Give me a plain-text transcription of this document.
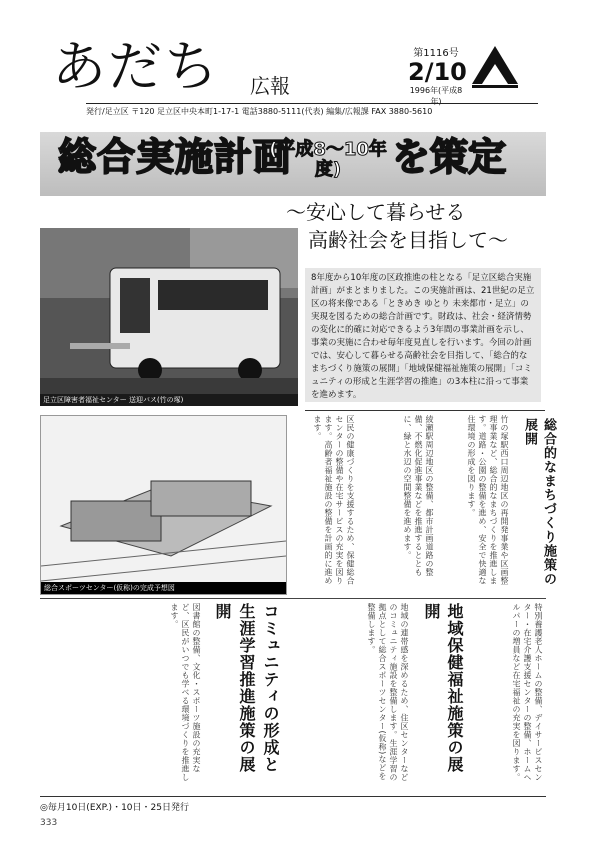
あだち 広報
第1116号
2/10
1996年(平成8年)
発行/足立区 〒120 足立区中央本町1-17-1 電話3880-5111(代表) 編集/広報課 FAX 3880-5610
総合実施計画
(平成8〜10年度)	を策定
〜安心して暮らせる
高齢社会を目指して〜
足立区障害者福祉センター 送迎バス(竹の塚)
8年度から10年度の区政推進の柱となる「足立区総合実施計画」がまとまりました。この実施計画は、21世紀の足立区の将来像である「ときめき ゆとり 未来都市・足立」の実現を図るための総合計画です。財政は、社会・経済情勢の変化に的確に対応できるよう3年間の事業計画を示し、事業の実施に合わせ毎年度見直しを行います。今回の計画では、安心して暮らせる高齢社会を目指して、「総合的なまちづくり施策の展開」「地域保健福祉施策の展開」「コミュニティの形成と生涯学習の推進」の3本柱に沿って事業を進めます。
総合スポーツセンター(仮称)の完成予想図
総合的なまちづくり施策の展開
竹の塚駅西口周辺地区の再開発事業や区画整理事業など、総合的なまちづくりを推進します。道路・公園の整備を進め、安全で快適な住環境の形成を図ります。
綾瀬駅周辺地区の整備、都市計画道路の整備、不燃化促進事業などを推進するとともに、緑と水辺の空間整備を進めます。
区民の健康づくりを支援するため、保健総合センターの整備や在宅サービスの充実を図ります。高齢者福祉施設の整備を計画的に進めます。
特別養護老人ホームの整備、デイサービスセンター・在宅介護支援センターの整備、ホームヘルパーの増員など在宅福祉の充実を図ります。
地域保健福祉施策の展開
地域の連帯感を深めるため、住区センターなどのコミュニティ施設を整備します。生涯学習の拠点として総合スポーツセンター(仮称)などを整備します。
コミュニティの形成と生涯学習推進施策の展開
図書館の整備、文化・スポーツ施設の充実など、区民がいつでも学べる環境づくりを推進します。
◎毎月10日(EXP.)・10日・25日発行
333
